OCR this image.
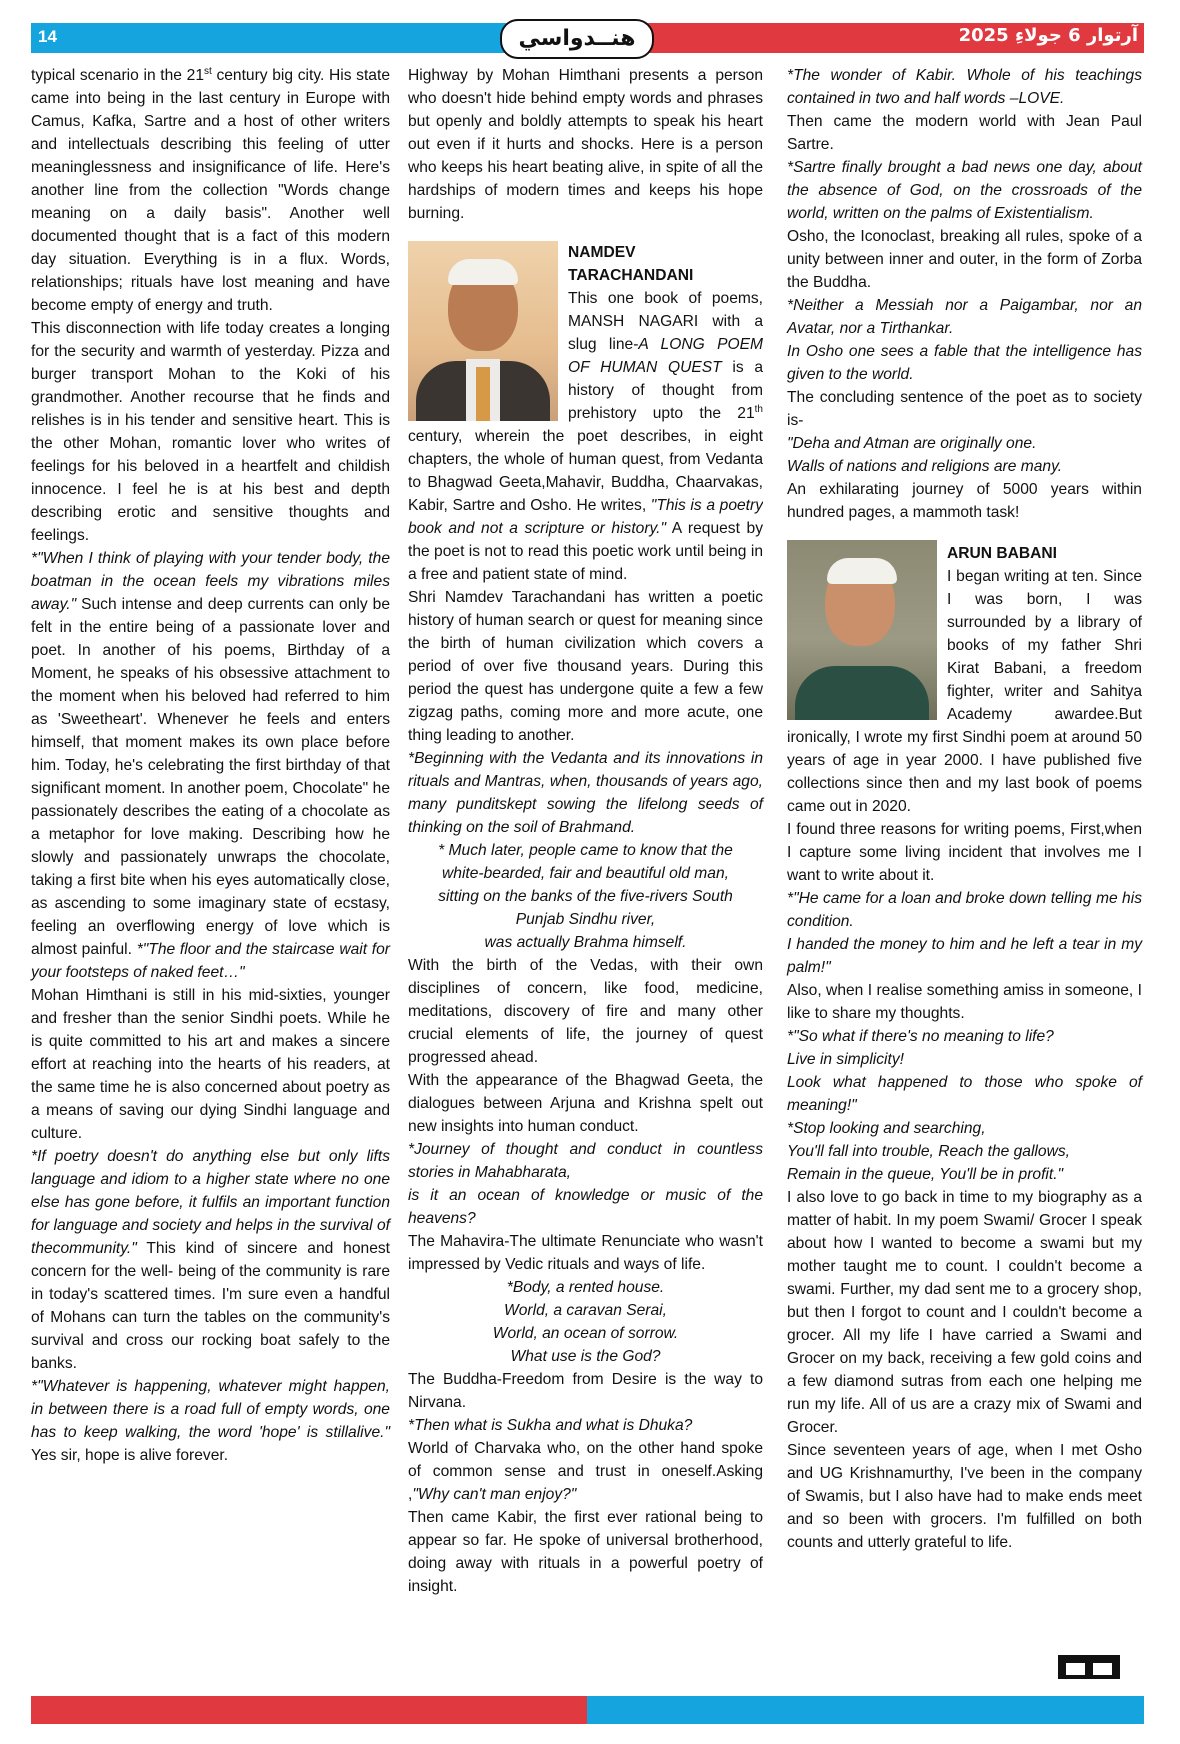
14	هنــدواسي	2025 آرتوار 6 جولاءِ

typical scenario in the 21st century big city. His state came into being in the last century in Europe with Camus, Kafka, Sartre and a host of other writers and intellectuals describing this feeling of utter meaninglessness and insignificance of life. Here's another line from the collection "Words change meaning on a daily basis". Another well documented thought that is a fact of this modern day situation. Everything is in a flux. Words, relationships; rituals have lost meaning and have become empty of energy and truth.

This disconnection with life today creates a longing for the security and warmth of yesterday. Pizza and burger transport Mohan to the Koki of his grandmother. Another recourse that he finds and relishes is in his tender and sensitive heart. This is the other Mohan, romantic lover who writes of feelings for his beloved in a heartfelt and childish innocence. I feel he is at his best and depth describing erotic and sensitive thoughts and feelings.

*"When I think of playing with your tender body, the boatman in the ocean feels my vibrations miles away." Such intense and deep currents can only be felt in the entire being of a passionate lover and poet. In another of his poems, Birthday of a Moment, he speaks of his obsessive attachment to the moment when his beloved had referred to him as 'Sweetheart'. Whenever he feels and enters himself, that moment makes its own place before him. Today, he's celebrating the first birthday of that significant moment. In another poem, Chocolate" he passionately describes the eating of a chocolate as a metaphor for love making. Describing how he slowly and passionately unwraps the chocolate, taking a first bite when his eyes automatically close, as ascending to some imaginary state of ecstasy, feeling an overflowing energy of love which is almost painful. *"The floor and the staircase wait for your footsteps of naked feet…"

Mohan Himthani is still in his mid-sixties, younger and fresher than the senior Sindhi poets. While he is quite committed to his art and makes a sincere effort at reaching into the hearts of his readers, at the same time he is also concerned about poetry as a means of saving our dying Sindhi language and culture.

*If poetry doesn't do anything else but only lifts language and idiom to a higher state where no one else has gone before, it fulfils an important function for language and society and helps in the survival of thecommunity." This kind of sincere and honest concern for the well- being of the community is rare in today's scattered times. I'm sure even a handful of Mohans can turn the tables on the community's survival and cross our rocking boat safely to the banks.

*"Whatever is happening, whatever might happen, in between there is a road full of empty words, one has to keep walking, the word 'hope' is stillalive." Yes sir, hope is alive forever.

Highway by Mohan Himthani presents a person who doesn't hide behind empty words and phrases but openly and boldly attempts to speak his heart out even if it hurts and shocks. Here is a person who keeps his heart beating alive, in spite of all the hardships of modern times and keeps his hope burning.

NAMDEV TARACHANDANI
This one book of poems, MANSH NAGARI with a slug line-A LONG POEM OF HUMAN QUEST is a history of thought from prehistory upto the 21th century, wherein the poet describes, in eight chapters, the whole of human quest, from Vedanta to Bhagwad Geeta,Mahavir, Buddha, Chaarvakas, Kabir, Sartre and Osho. He writes, "This is a poetry book and not a scripture or history." A request by the poet is not to read this poetic work until being in a free and patient state of mind.

Shri Namdev Tarachandani has written a poetic history of human search or quest for meaning since the birth of human civilization which covers a period of over five thousand years. During this period the quest has undergone quite a few a few zigzag paths, coming more and more acute, one thing leading to another.

*Beginning with the Vedanta and its innovations in rituals and Mantras, when, thousands of years ago, many punditskept sowing the lifelong seeds of thinking on the soil of Brahmand.

* Much later, people came to know that the

white-bearded, fair and beautiful old man,

sitting on the banks of the five-rivers South

Punjab Sindhu river,

was actually Brahma himself.

With the birth of the Vedas, with their own disciplines of concern, like food, medicine, meditations, discovery of fire and many other crucial elements of life, the journey of quest progressed ahead.

With the appearance of the Bhagwad Geeta, the dialogues between Arjuna and Krishna spelt out new insights into human conduct.

*Journey of thought and conduct in countless stories in Mahabharata,

is it an ocean of knowledge or music of the heavens?

The Mahavira-The ultimate Renunciate who wasn't impressed by Vedic rituals and ways of life.

*Body, a rented house.

World, a caravan Serai,

World, an ocean of sorrow.

What use is the God?

The Buddha-Freedom from Desire is the way to Nirvana.

*Then what is Sukha and what is Dhuka?

World of Charvaka who, on the other hand spoke of common sense and trust in oneself.Asking ,"Why can't man enjoy?"

Then came Kabir, the first ever rational being to appear so far. He spoke of universal brotherhood, doing away with rituals in a powerful poetry of insight.

*The wonder of Kabir. Whole of his teachings contained in two and half words –LOVE.

Then came the modern world with Jean Paul Sartre.

*Sartre finally brought a bad news one day, about the absence of God, on the crossroads of the world, written on the palms of Existentialism.

Osho, the Iconoclast, breaking all rules, spoke of a unity between inner and outer, in the form of Zorba the Buddha.

*Neither a Messiah nor a Paigambar, nor an Avatar, nor a Tirthankar.

In Osho one sees a fable that the intelligence has given to the world.

The concluding sentence of the poet as to society is-

"Deha and Atman are originally one.

Walls of nations and religions are many.

An exhilarating journey of 5000 years within hundred pages, a mammoth task!

ARUN BABANI
I began writing at ten. Since I was born, I was surrounded by a library of books of my father Shri Kirat Babani, a freedom fighter, writer and Sahitya Academy awardee.But ironically, I wrote my first Sindhi poem at around 50 years of age in year 2000. I have published five collections since then and my last book of poems came out in 2020.

I found three reasons for writing poems, First,when I capture some living incident that involves me I want to write about it.

*"He came for a loan and broke down telling me his condition.

I handed the money to him and he left a tear in my palm!"

Also, when I realise something amiss in someone, I like to share my thoughts.

*"So what if there's no meaning to life?

Live in simplicity!

Look what happened to those who spoke of meaning!"

*Stop looking and searching,

You'll fall into trouble, Reach the gallows,

Remain in the queue, You'll be in profit."

I also love to go back in time to my biography as a matter of habit. In my poem Swami/ Grocer I speak about how I wanted to become a swami but my mother taught me to count. I couldn't become a swami. Further, my dad sent me to a grocery shop, but then I forgot to count and I couldn't become a grocer. All my life I have carried a Swami and Grocer on my back, receiving a few gold coins and a few diamond sutras from each one helping me run my life. All of us are a crazy mix of Swami and Grocer.

Since seventeen years of age, when I met Osho and UG Krishnamurthy, I've been in the company of Swamis, but I also have had to make ends meet and so been with grocers. I'm fulfilled on both counts and utterly grateful to life.
